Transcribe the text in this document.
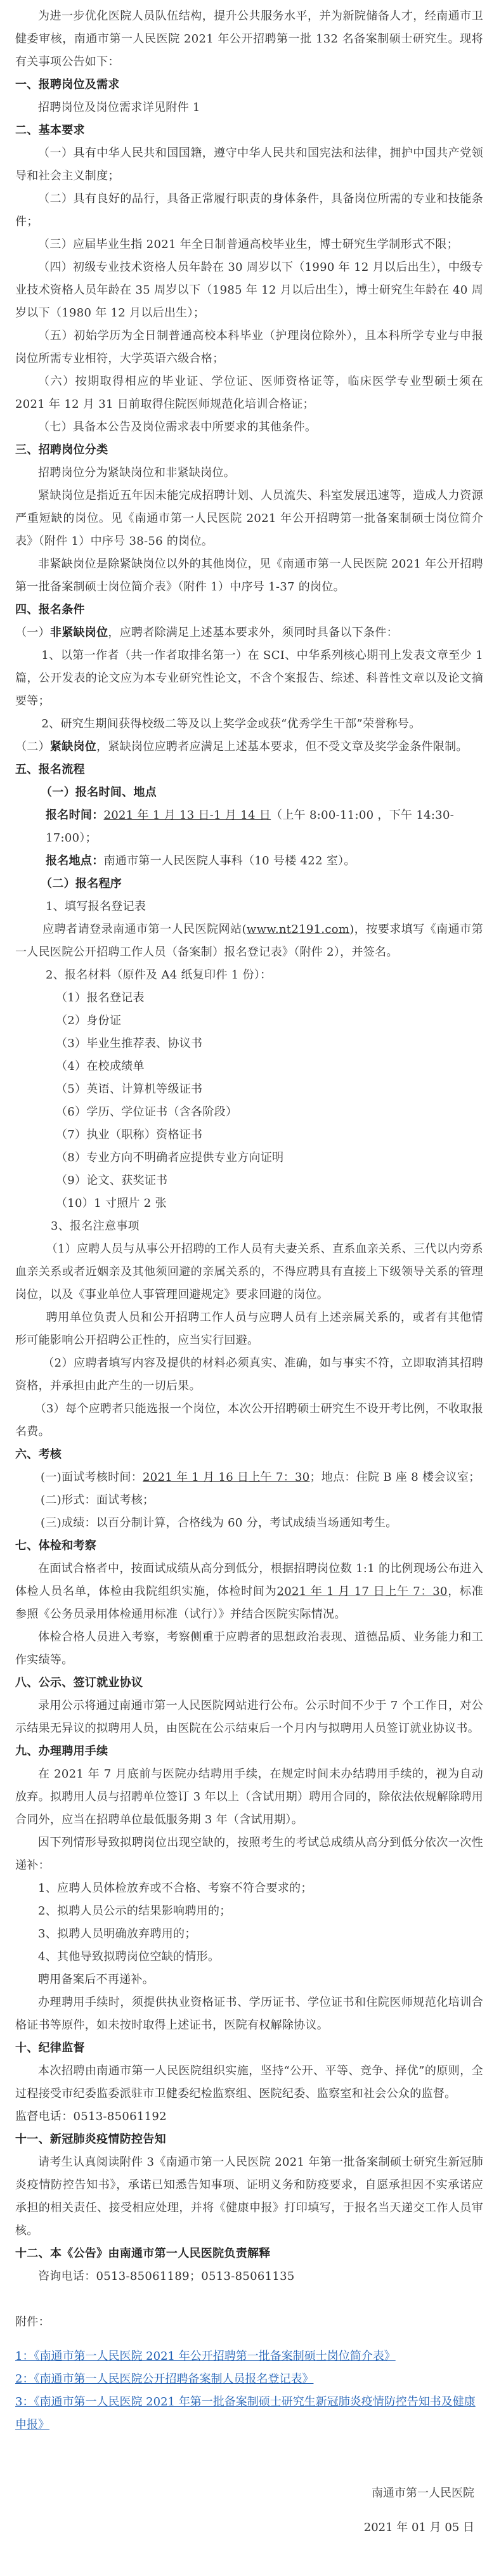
为进一步优化医院人员队伍结构，提升公共服务水平，并为新院储备人才，经南通市卫健委审核，南通市第一人民医院 2021 年公开招聘第一批 132 名备案制硕士研究生。现将有关事项公告如下：

一、报聘岗位及需求

招聘岗位及岗位需求详见附件 1

二、基本要求

（一）具有中华人民共和国国籍，遵守中华人民共和国宪法和法律，拥护中国共产党领导和社会主义制度；

（二）具有良好的品行，具备正常履行职责的身体条件，具备岗位所需的专业和技能条件；

（三）应届毕业生指 2021 年全日制普通高校毕业生，博士研究生学制形式不限；

（四）初级专业技术资格人员年龄在 30 周岁以下（1990 年 12 月以后出生），中级专业技术资格人员年龄在 35 周岁以下（1985 年 12 月以后出生），博士研究生年龄在 40 周岁以下（1980 年 12 月以后出生）；

（五）初始学历为全日制普通高校本科毕业（护理岗位除外），且本科所学专业与申报岗位所需专业相符，大学英语六级合格；

（六）按期取得相应的毕业证、学位证、医师资格证等，临床医学专业型硕士须在 2021 年 12 月 31 日前取得住院医师规范化培训合格证；

（七）具备本公告及岗位需求表中所要求的其他条件。

三、招聘岗位分类

招聘岗位分为紧缺岗位和非紧缺岗位。

紧缺岗位是指近五年因未能完成招聘计划、人员流失、科室发展迅速等，造成人力资源严重短缺的岗位。见《南通市第一人民医院 2021 年公开招聘第一批备案制硕士岗位简介表》（附件 1）中序号 38-56 的岗位。

非紧缺岗位是除紧缺岗位以外的其他岗位，见《南通市第一人民医院 2021 年公开招聘第一批备案制硕士岗位简介表》（附件 1）中序号 1-37 的岗位。

四、报名条件

（一）非紧缺岗位，应聘者除满足上述基本要求外，须同时具备以下条件：

1、以第一作者（共一作者取排名第一）在 SCI、中华系列核心期刊上发表文章至少 1 篇，公开发表的论文应为本专业研究性论文，不含个案报告、综述、科普性文章以及论文摘要等；

2、研究生期间获得校级二等及以上奖学金或获“优秀学生干部”荣誉称号。

（二）紧缺岗位，紧缺岗位应聘者应满足上述基本要求，但不受文章及奖学金条件限制。

五、报名流程

（一）报名时间、地点

报名时间：2021 年 1 月 13 日-1 月 14 日（上午 8:00-11:00 ，下午 14:30-17:00）；

报名地点：南通市第一人民医院人事科（10 号楼 422 室）。

（二）报名程序

1、填写报名登记表

应聘者请登录南通市第一人民医院网站(www.nt2191.com)，按要求填写《南通市第一人民医院公开招聘工作人员（备案制）报名登记表》（附件 2），并签名。

2、报名材料（原件及 A4 纸复印件 1 份）：

（1）报名登记表

（2）身份证

（3）毕业生推荐表、协议书

（4）在校成绩单

（5）英语、计算机等级证书

（6）学历、学位证书（含各阶段）

（7）执业（职称）资格证书

（8）专业方向不明确者应提供专业方向证明

（9）论文、获奖证书

（10）1 寸照片 2 张

3、报名注意事项

（1）应聘人员与从事公开招聘的工作人员有夫妻关系、直系血亲关系、三代以内旁系血亲关系或者近姻亲及其他须回避的亲属关系的，不得应聘具有直接上下级领导关系的管理岗位，以及《事业单位人事管理回避规定》要求回避的岗位。

聘用单位负责人员和公开招聘工作人员与应聘人员有上述亲属关系的，或者有其他情形可能影响公开招聘公正性的，应当实行回避。

（2）应聘者填写内容及提供的材料必须真实、准确，如与事实不符，立即取消其招聘资格，并承担由此产生的一切后果。

（3）每个应聘者只能选报一个岗位，本次公开招聘硕士研究生不设开考比例，不收取报名费。

六、考核

(一)面试考核时间：2021 年 1 月 16 日上午 7：30；地点：住院 B 座 8 楼会议室；

(二)形式：面试考核；

(三)成绩：以百分制计算，合格线为 60 分，考试成绩当场通知考生。

七、体检和考察

在面试合格者中，按面试成绩从高分到低分，根据招聘岗位数 1:1 的比例现场公布进入体检人员名单，体检由我院组织实施，体检时间为2021 年 1 月 17 日上午 7：30，标准参照《公务员录用体检通用标准（试行）》并结合医院实际情况。

体检合格人员进入考察，考察侧重于应聘者的思想政治表现、道德品质、业务能力和工作实绩等。

八、公示、签订就业协议

录用公示将通过南通市第一人民医院网站进行公布。公示时间不少于 7 个工作日，对公示结果无异议的拟聘用人员，由医院在公示结束后一个月内与拟聘用人员签订就业协议书。

九、办理聘用手续

在 2021 年 7 月底前与医院办结聘用手续，在规定时间未办结聘用手续的，视为自动放弃。拟聘用人员与招聘单位签订 3 年以上（含试用期）聘用合同的，除依法依规解除聘用合同外，应当在招聘单位最低服务期 3 年（含试用期）。

因下列情形导致拟聘岗位出现空缺的，按照考生的考试总成绩从高分到低分依次一次性递补：

1、应聘人员体检放弃或不合格、考察不符合要求的；

2、拟聘人员公示的结果影响聘用的；

3、拟聘人员明确放弃聘用的；

4、其他导致拟聘岗位空缺的情形。

聘用备案后不再递补。

办理聘用手续时，须提供执业资格证书、学历证书、学位证书和住院医师规范化培训合格证书等原件，如未按时取得上述证书，医院有权解除协议。

十、纪律监督

本次招聘由南通市第一人民医院组织实施，坚持“公开、平等、竞争、择优”的原则，全过程接受市纪委监委派驻市卫健委纪检监察组、医院纪委、监察室和社会公众的监督。

监督电话：0513-85061192

十一、新冠肺炎疫情防控告知

请考生认真阅读附件 3《南通市第一人民医院 2021 年第一批备案制硕士研究生新冠肺炎疫情防控告知书》，承诺已知悉告知事项、证明义务和防疫要求，自愿承担因不实承诺应承担的相关责任、接受相应处理，并将《健康申报》打印填写，于报名当天递交工作人员审核。

十二、本《公告》由南通市第一人民医院负责解释

咨询电话：0513-85061189；0513-85061135

附件：

1：《南通市第一人民医院 2021 年公开招聘第一批备案制硕士岗位简介表》
2：《南通市第一人民医院公开招聘备案制人员报名登记表》
3：《南通市第一人民医院 2021 年第一批备案制硕士研究生新冠肺炎疫情防控告知书及健康申报》

南通市第一人民医院

2021 年 01 月 05 日
